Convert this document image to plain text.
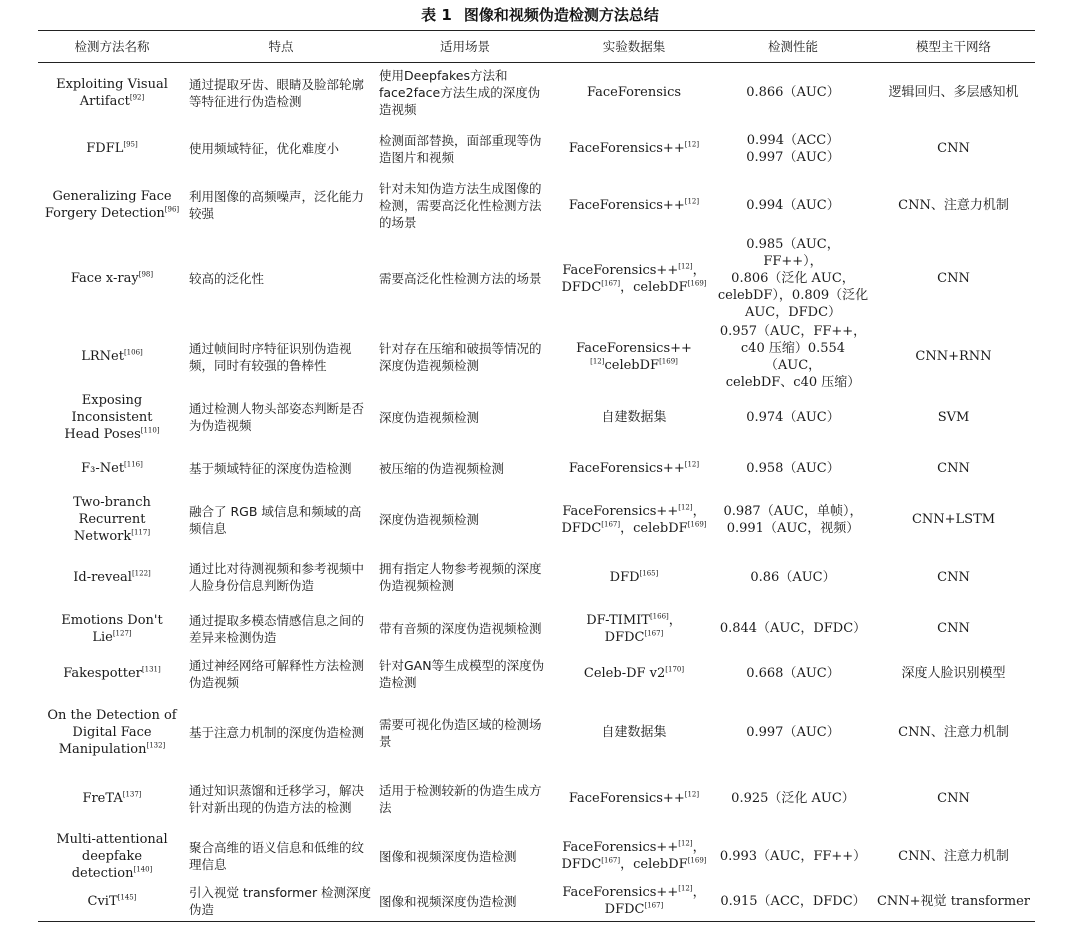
表 1 图像和视频伪造检测方法总结
检测方法名称	特点	适用场景	实验数据集	检测性能	模型主干网络

Exploiting Visual
Artifact[92]	通过提取牙齿、眼睛及脸部轮廓等特征进行伪造检测	使用Deepfakes方法和face2face方法生成的深度伪造视频	FaceForensics	0.866（AUC）	逻辑回归、多层感知机

FDFL[95]	使用频域特征，优化难度小	检测面部替换，面部重现等伪造图片和视频	FaceForensics++[12]	0.994（ACC）
0.997（AUC）	CNN

Generalizing Face
Forgery Detection[96]	利用图像的高频噪声，泛化能力较强	针对未知伪造方法生成图像的检测，需要高泛化性检测方法的场景	FaceForensics++[12]	0.994（AUC）	CNN、注意力机制

Face x-ray[98]	较高的泛化性	需要高泛化性检测方法的场景	FaceForensics++[12]，DFDC[167]，celebDF[169]	0.985（AUC，FF++），
0.806（泛化 AUC，
celebDF），0.809（泛化
AUC，DFDC）	CNN

LRNet[106]	通过帧间时序特征识别伪造视频，同时有较强的鲁棒性	针对存在压缩和破损等情况的深度伪造视频检测	FaceForensics++[12]celebDF[169]	0.957（AUC，FF++，
c40 压缩）0.554（AUC，
celebDF、c40 压缩）	CNN+RNN

Exposing Inconsistent
Head Poses[110]	通过检测人物头部姿态判断是否为伪造视频	深度伪造视频检测	自建数据集	0.974（AUC）	SVM

F₃-Net[116]	基于频域特征的深度伪造检测	被压缩的伪造视频检测	FaceForensics++[12]	0.958（AUC）	CNN

Two-branch Recurrent
Network[117]	融合了 RGB 域信息和频域的高频信息	深度伪造视频检测	FaceForensics++[12]，DFDC[167]，celebDF[169]	0.987（AUC，单帧），
0.991（AUC，视频）	CNN+LSTM

Id-reveal[122]	通过比对待测视频和参考视频中人脸身份信息判断伪造	拥有指定人物参考视频的深度伪造视频检测	DFD[165]	0.86（AUC）	CNN

Emotions Don't Lie[127]	通过提取多模态情感信息之间的差异来检测伪造	带有音频的深度伪造视频检测	DF-TIMIT[166]，DFDC[167]	0.844（AUC，DFDC）	CNN

Fakespotter[131]	通过神经网络可解释性方法检测伪造视频	针对GAN等生成模型的深度伪造检测	Celeb-DF v2[170]	0.668（AUC）	深度人脸识别模型

On the Detection of
Digital Face
Manipulation[132]	基于注意力机制的深度伪造检测	需要可视化伪造区域的检测场景	自建数据集	0.997（AUC）	CNN、注意力机制

FreTA[137]	通过知识蒸馏和迁移学习，解决针对新出现的伪造方法的检测	适用于检测较新的伪造生成方法	FaceForensics++[12]	0.925（泛化 AUC）	CNN

Multi-attentional
deepfake detection[140]	聚合高维的语义信息和低维的纹理信息	图像和视频深度伪造检测	FaceForensics++[12]，DFDC[167]，celebDF[169]	0.993（AUC，FF++）	CNN、注意力机制

CviT[145]	引入视觉 transformer 检测深度伪造	图像和视频深度伪造检测	FaceForensics++[12]，DFDC[167]	0.915（ACC，DFDC）	CNN+视觉 transformer
